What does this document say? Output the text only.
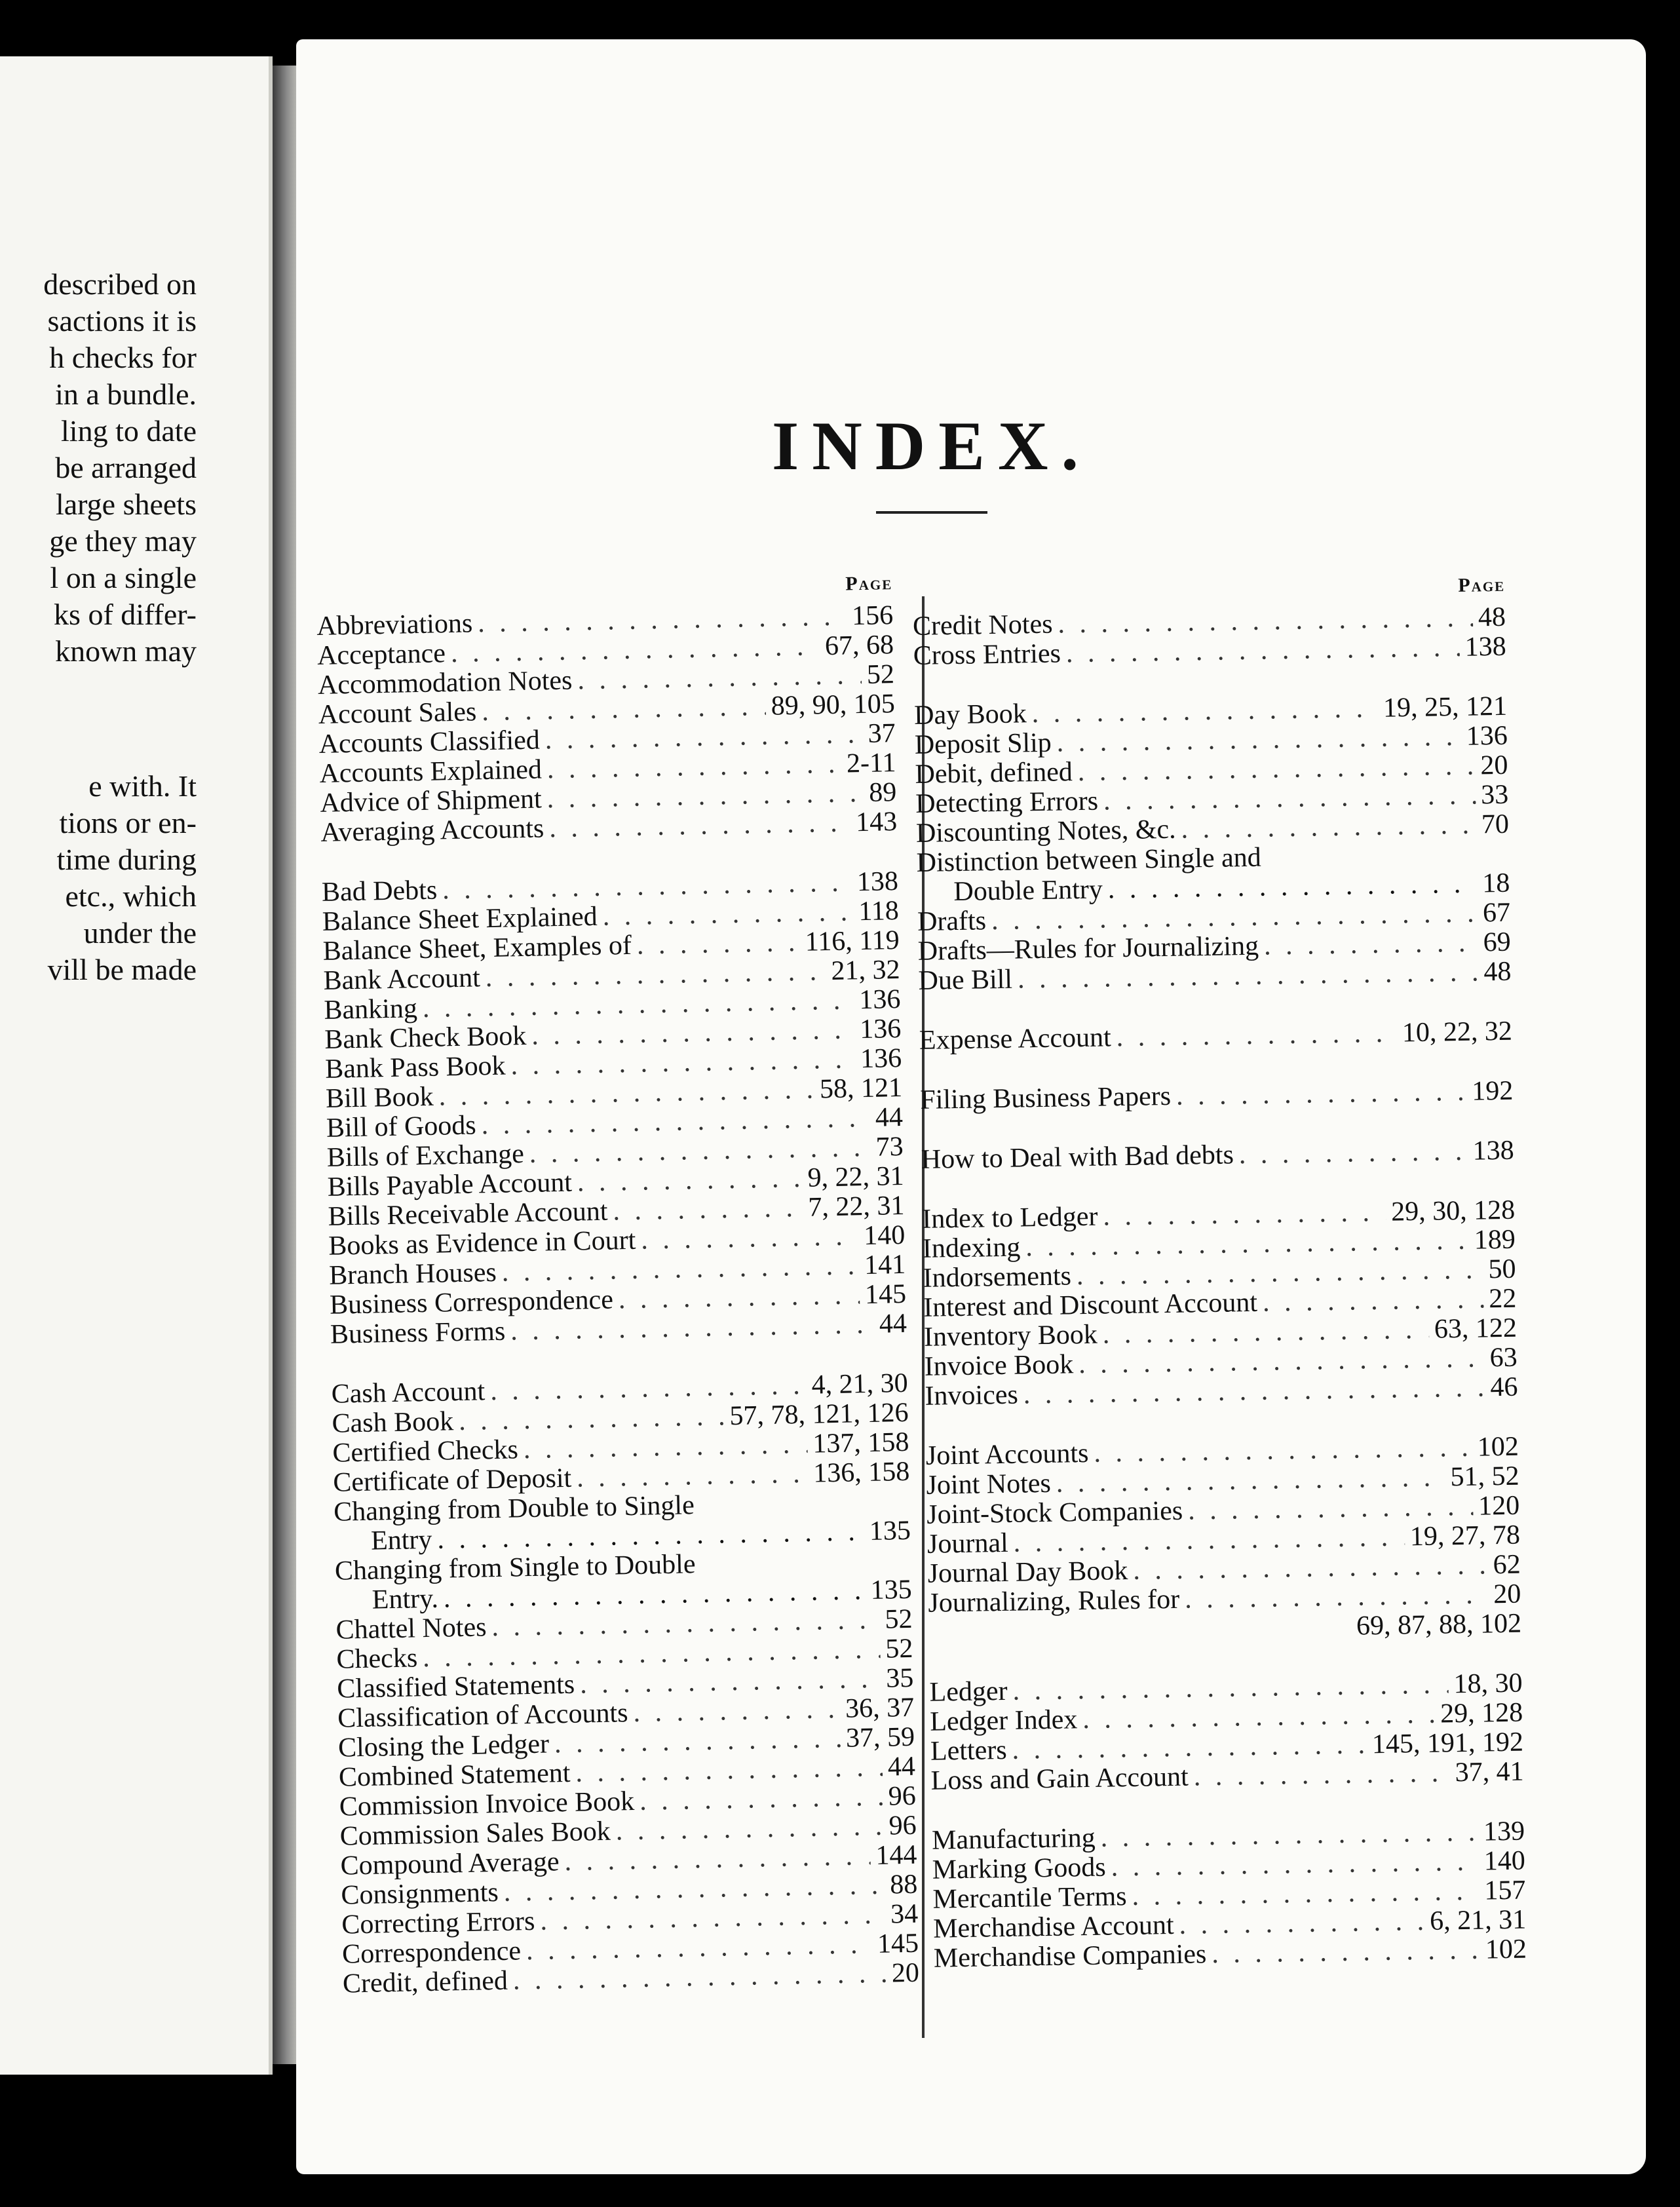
described on
sactions it is
h checks for
in a bundle.
ling to date
be arranged
large sheets
ge they may
l on a single
ks of differ-
known may
e with. It
tions or en-
time during
etc., which
under the
vill be made
INDEX.
Page
Abbreviations . . .	156
Acceptance . . .	67, 68
Accommodation Notes . . .	52
Account Sales . . .	89, 90, 105
Accounts Classified . . .	37
Accounts Explained . . .	2-11
Advice of Shipment . . .	89
Averaging Accounts . . .	143
Bad Debts . . .	138
Balance Sheet Explained . . .	118
Balance Sheet, Examples of . . .	116, 119
Bank Account . . .	21, 32
Banking . . .	136
Bank Check Book . . .	136
Bank Pass Book . . .	136
Bill Book . . .	58, 121
Bill of Goods . . .	44
Bills of Exchange . . .	73
Bills Payable Account . . .	9, 22, 31
Bills Receivable Account . . .	7, 22, 31
Books as Evidence in Court . . .	140
Branch Houses . . .	141
Business Correspondence . . .	145
Business Forms . . .	44
Cash Account . . .	4, 21, 30
Cash Book . . .	57, 78, 121, 126
Certified Checks . . .	137, 158
Certificate of Deposit . . .	136, 158
Changing from Double to Single
Entry . . .	135
Changing from Single to Double
Entry. . . .	135
Chattel Notes . . .	52
Checks . . .	52
Classified Statements . . .	35
Classification of Accounts . . .	36, 37
Closing the Ledger . . .	37, 59
Combined Statement . . .	44
Commission Invoice Book . . .	96
Commission Sales Book . . .	96
Compound Average . . .	144
Consignments . . .	88
Correcting Errors . . .	34
Correspondence . . .	145
Credit, defined . . .	20
Page
Credit Notes . . .	48
Cross Entries . . .	138
Day Book . . .	19, 25, 121
Deposit Slip . . .	136
Debit, defined . . .	20
Detecting Errors . . .	33
Discounting Notes, &c. . . .	70
Distinction between Single and
Double Entry . . .	18
Drafts . . .	67
Drafts—Rules for Journalizing . . .	69
Due Bill . . .	48
Expense Account . . .	10, 22, 32
Filing Business Papers . . .	192
How to Deal with Bad debts . . .	138
Index to Ledger . . .	29, 30, 128
Indexing . . .	189
Indorsements . . .	50
Interest and Discount Account . . .	22
Inventory Book . . .	63, 122
Invoice Book . . .	63
Invoices . . .	46
Joint Accounts . . .	102
Joint Notes . . .	51, 52
Joint-Stock Companies . . .	120
Journal . . .	19, 27, 78
Journal Day Book . . .	62
Journalizing, Rules for . . .	20
69, 87, 88, 102
Ledger . . .	18, 30
Ledger Index . . .	29, 128
Letters . . .	145, 191, 192
Loss and Gain Account . . .	37, 41
Manufacturing . . .	139
Marking Goods . . .	140
Mercantile Terms . . .	157
Merchandise Account . . .	6, 21, 31
Merchandise Companies . . .	102
